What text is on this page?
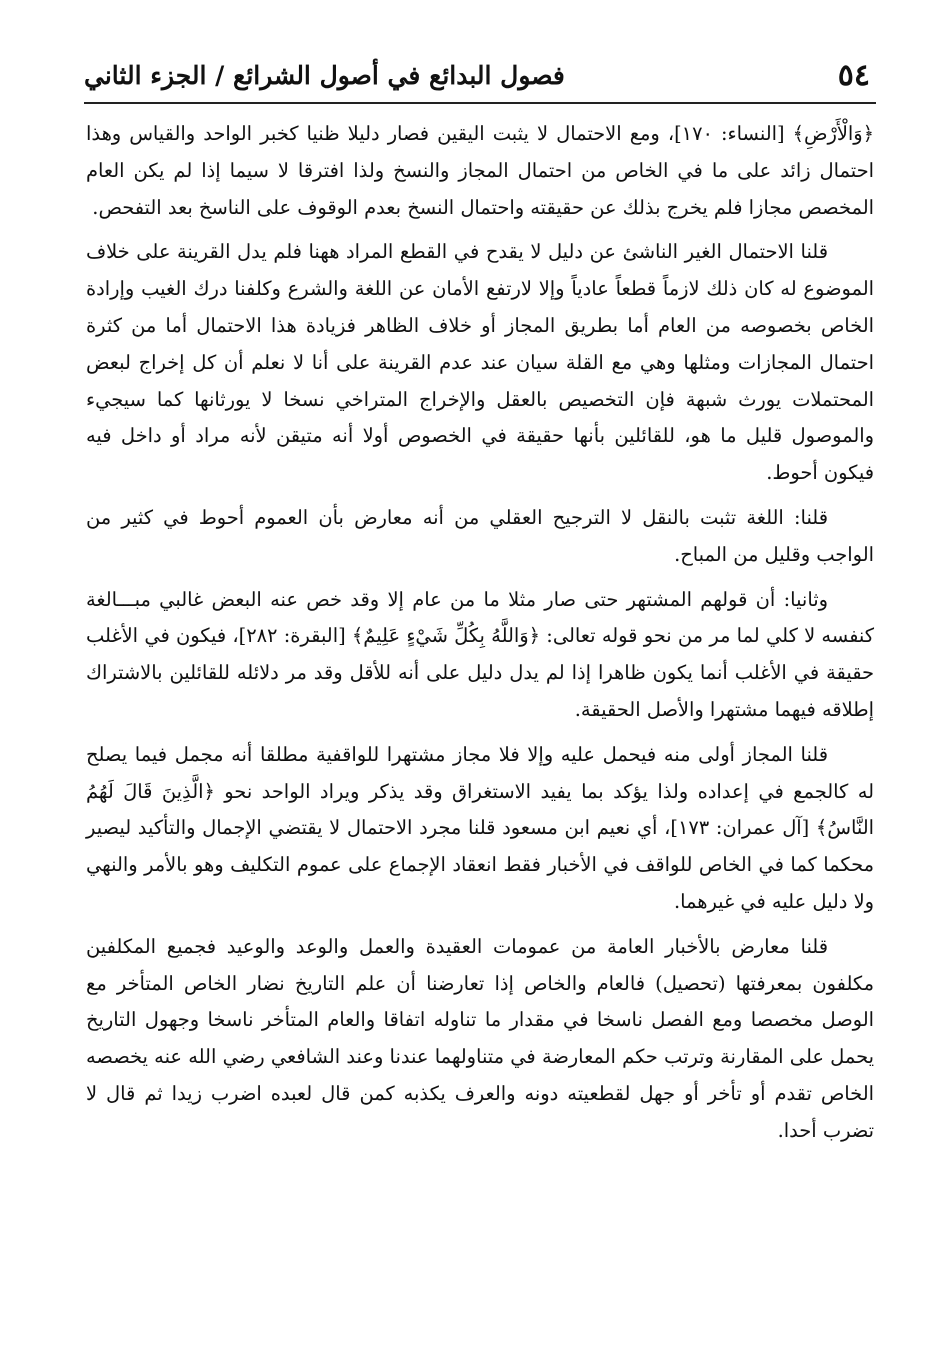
٥٤
فصول البدائع في أصول الشرائع / الجزء الثاني

﴿وَالْأَرْضِ﴾ [النساء: ١٧٠]، ومع الاحتمال لا يثبت اليقين فصار دليلا ظنيا كخبر الواحد والقياس وهذا احتمال زائد على ما في الخاص من احتمال المجاز والنسخ ولذا افترقا لا سيما إذا لم يكن العام المخصص مجازا فلم يخرج بذلك عن حقيقته واحتمال النسخ بعدم الوقوف على الناسخ بعد التفحص.

قلنا الاحتمال الغير الناشئ عن دليل لا يقدح في القطع المراد ههنا فلم يدل القرينة على خلاف الموضوع له كان ذلك لازماً قطعاً عادياً وإلا لارتفع الأمان عن اللغة والشرع وكلفنا درك الغيب وإرادة الخاص بخصوصه من العام أما بطريق المجاز أو خلاف الظاهر فزيادة هذا الاحتمال أما من كثرة احتمال المجازات ومثلها وهي مع القلة سيان عند عدم القرينة على أنا لا نعلم أن كل إخراج لبعض المحتملات يورث شبهة فإن التخصيص بالعقل والإخراج المتراخي نسخا لا يورثانها كما سيجيء والموصول قليل ما هو، للقائلين بأنها حقيقة في الخصوص أولا أنه متيقن لأنه مراد أو داخل فيه فيكون أحوط.

قلنا: اللغة تثبت بالنقل لا الترجيح العقلي من أنه معارض بأن العموم أحوط في كثير من الواجب وقليل من المباح.

وثانيا: أن قولهم المشتهر حتى صار مثلا ما من عام إلا وقد خص عنه البعض غالبي مبـــالغة كنفسه لا كلي لما مر من نحو قوله تعالى: ﴿وَاللَّهُ بِكُلِّ شَيْءٍ عَلِيمٌ﴾ [البقرة: ٢٨٢]، فيكون في الأغلب حقيقة في الأغلب أنما يكون ظاهرا إذا لم يدل دليل على أنه للأقل وقد مر دلائله للقائلين بالاشتراك إطلاقه فيهما مشتهرا والأصل الحقيقة.

قلنا المجاز أولى منه فيحمل عليه وإلا فلا مجاز مشتهرا للواقفية مطلقا أنه مجمل فيما يصلح له كالجمع في إعداده ولذا يؤكد بما يفيد الاستغراق وقد يذكر ويراد الواحد نحو ﴿الَّذِينَ قَالَ لَهُمُ النَّاسُ﴾ [آل عمران: ١٧٣]، أي نعيم ابن مسعود قلنا مجرد الاحتمال لا يقتضي الإجمال والتأكيد ليصير محكما كما في الخاص للواقف في الأخبار فقط انعقاد الإجماع على عموم التكليف وهو بالأمر والنهي ولا دليل عليه في غيرهما.

قلنا معارض بالأخبار العامة من عمومات العقيدة والعمل والوعد والوعيد فجميع المكلفين مكلفون بمعرفتها (تحصيل) فالعام والخاص إذا تعارضنا أن علم التاريخ نضار الخاص المتأخر مع الوصل مخصصا ومع الفصل ناسخا في مقدار ما تناوله اتفاقا والعام المتأخر ناسخا وجهول التاريخ يحمل على المقارنة وترتب حكم المعارضة في متناولهما عندنا وعند الشافعي رضي الله عنه يخصصه الخاص تقدم أو تأخر أو جهل لقطعيته دونه والعرف يكذبه كمن قال لعبده اضرب زيدا ثم قال لا تضرب أحدا.
